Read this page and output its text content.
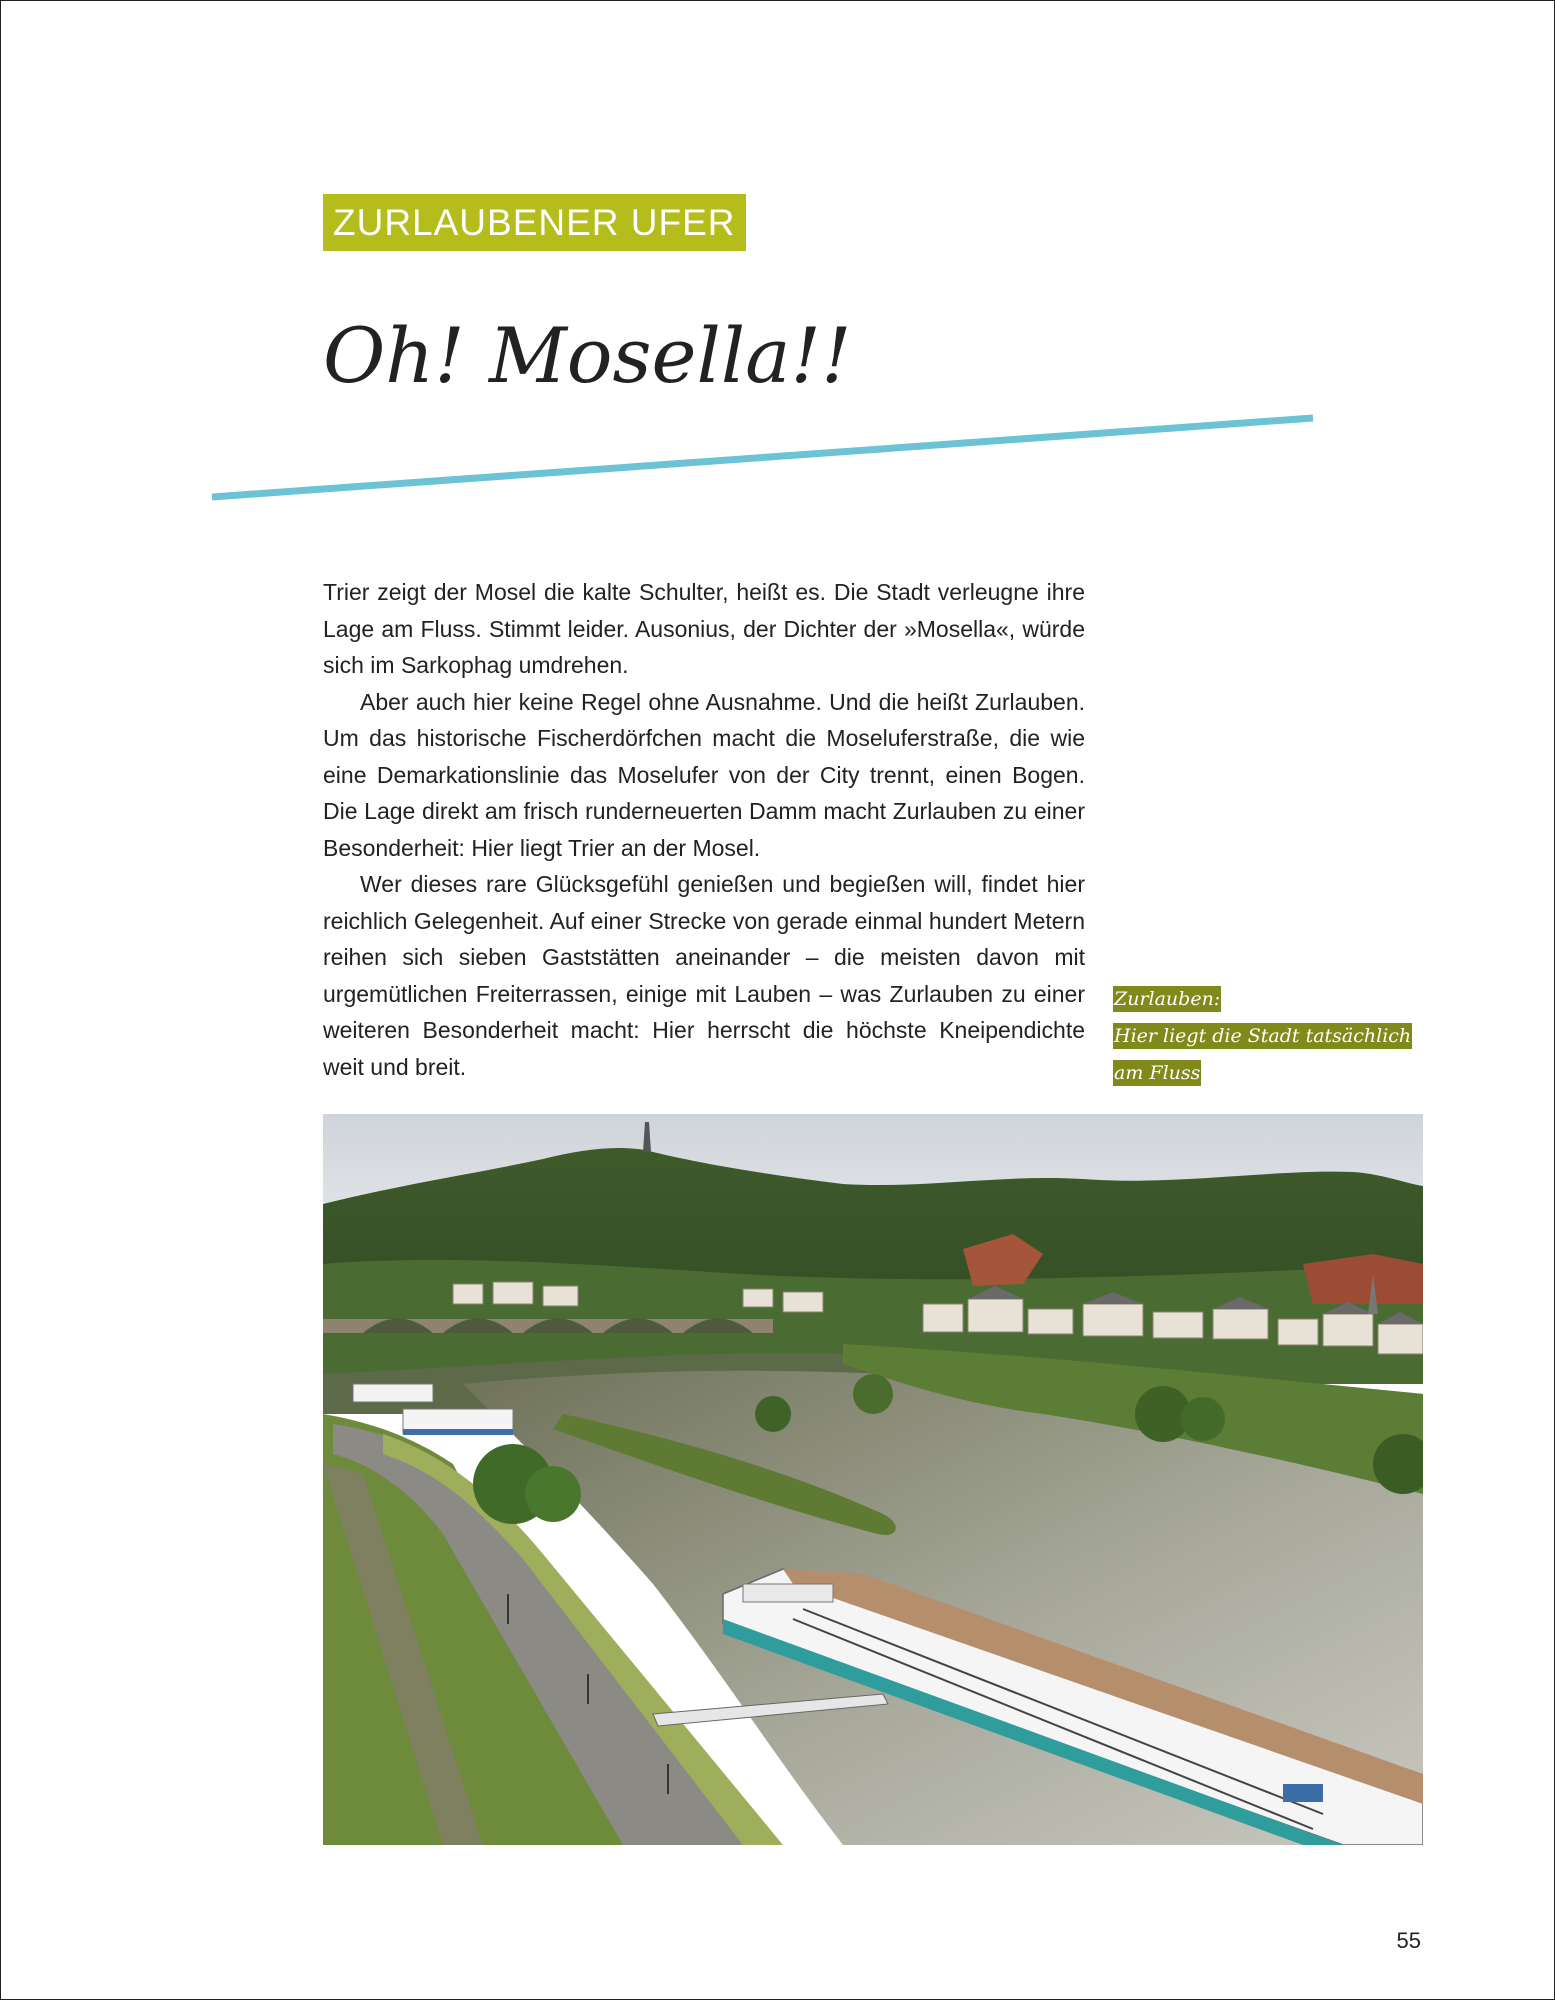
ZURLAUBENER UFER
Oh! Mosella!!

Trier zeigt der Mosel die kalte Schulter, heißt es. Die Stadt verleugne ihre Lage am Fluss. Stimmt leider. Ausonius, der Dichter der »Mosella«, würde sich im Sarkophag umdrehen.

Aber auch hier keine Regel ohne Ausnahme. Und die heißt Zurlauben. Um das historische Fischerdörfchen macht die Moseluferstraße, die wie eine Demarkationslinie das Moselufer von der City trennt, einen Bogen. Die Lage direkt am frisch runderneuerten Damm macht Zurlauben zu einer Besonderheit: Hier liegt Trier an der Mosel.

Wer dieses rare Glücksgefühl genießen und begießen will, findet hier reichlich Gelegenheit. Auf einer Strecke von gerade einmal hundert Metern reihen sich sieben Gaststätten aneinander – die meisten davon mit urgemütlichen Freiterrassen, einige mit Lauben – was Zurlauben zu einer weiteren Besonderheit macht: Hier herrscht die höchste Kneipendichte weit und breit.

Zurlauben:
Hier liegt die Stadt tatsächlich
am Fluss
55
